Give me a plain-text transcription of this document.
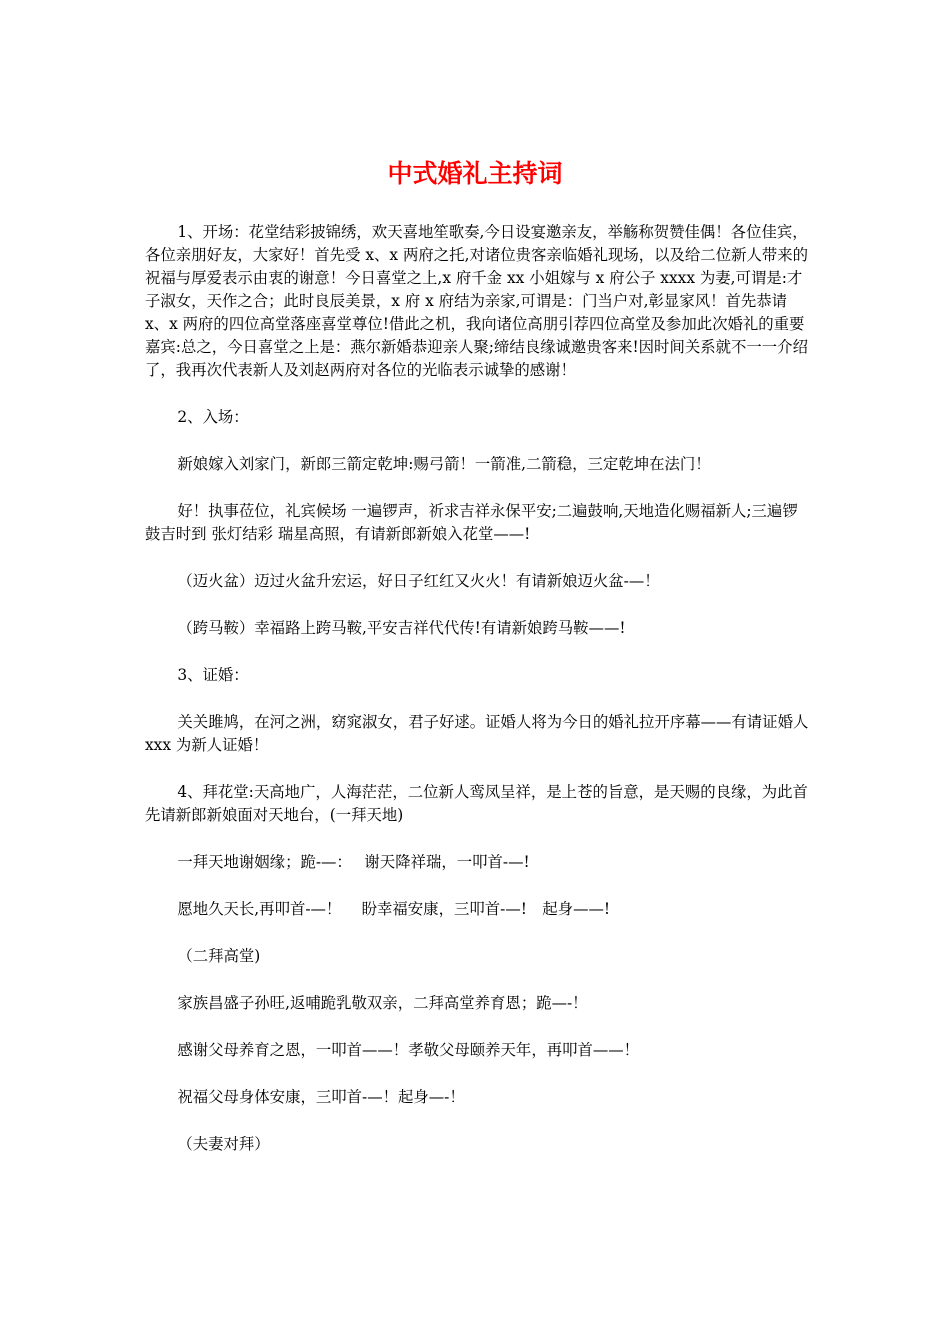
中式婚礼主持词

1、开场：花堂结彩披锦绣，欢天喜地笙歌奏,今日设宴邀亲友，举觞称贺赞佳偶！各位佳宾，各位亲朋好友，大家好！首先受 x、x 两府之托,对诸位贵客亲临婚礼现场，以及给二位新人带来的祝福与厚爱表示由衷的谢意！今日喜堂之上,x 府千金 xx 小姐嫁与 x 府公子 xxxx 为妻,可谓是:才子淑女，天作之合；此时良辰美景，x 府 x 府结为亲家,可谓是：门当户对,彰显家风！首先恭请 x、x 两府的四位高堂落座喜堂尊位!借此之机，我向诸位高朋引荐四位高堂及参加此次婚礼的重要嘉宾:总之，今日喜堂之上是：燕尔新婚恭迎亲人聚;缔结良缘诚邀贵客来!因时间关系就不一一介绍了，我再次代表新人及刘赵两府对各位的光临表示诚挚的感谢！

2、入场：

新娘嫁入刘家门，新郎三箭定乾坤:赐弓箭！一箭准,二箭稳，三定乾坤在法门！

好！执事莅位，礼宾候场 一遍锣声，祈求吉祥永保平安;二遍鼓响,天地造化赐福新人;三遍锣鼓吉时到 张灯结彩 瑞星高照，有请新郎新娘入花堂——!

（迈火盆）迈过火盆升宏运，好日子红红又火火！有请新娘迈火盆-—！

（跨马鞍）幸福路上跨马鞍,平安吉祥代代传!有请新娘跨马鞍——!

3、证婚：

关关雎鸠，在河之洲，窈窕淑女，君子好逑。证婚人将为今日的婚礼拉开序幕——有请证婚人 xxx 为新人证婚！

4、拜花堂:天高地广，人海茫茫，二位新人鸾凤呈祥，是上苍的旨意，是天赐的良缘，为此首先请新郎新娘面对天地台，(一拜天地)

一拜天地谢姻缘；跪-—：　 谢天降祥瑞，一叩首-—!

愿地久天长,再叩首-—！　 盼幸福安康，三叩首-—!　起身——!

（二拜高堂)

家族昌盛子孙旺,返哺跪乳敬双亲，二拜高堂养育恩；跪—-！

感谢父母养育之恩，一叩首——！孝敬父母颐养天年，再叩首——！

祝福父母身体安康，三叩首-—！起身—-！

（夫妻对拜）
